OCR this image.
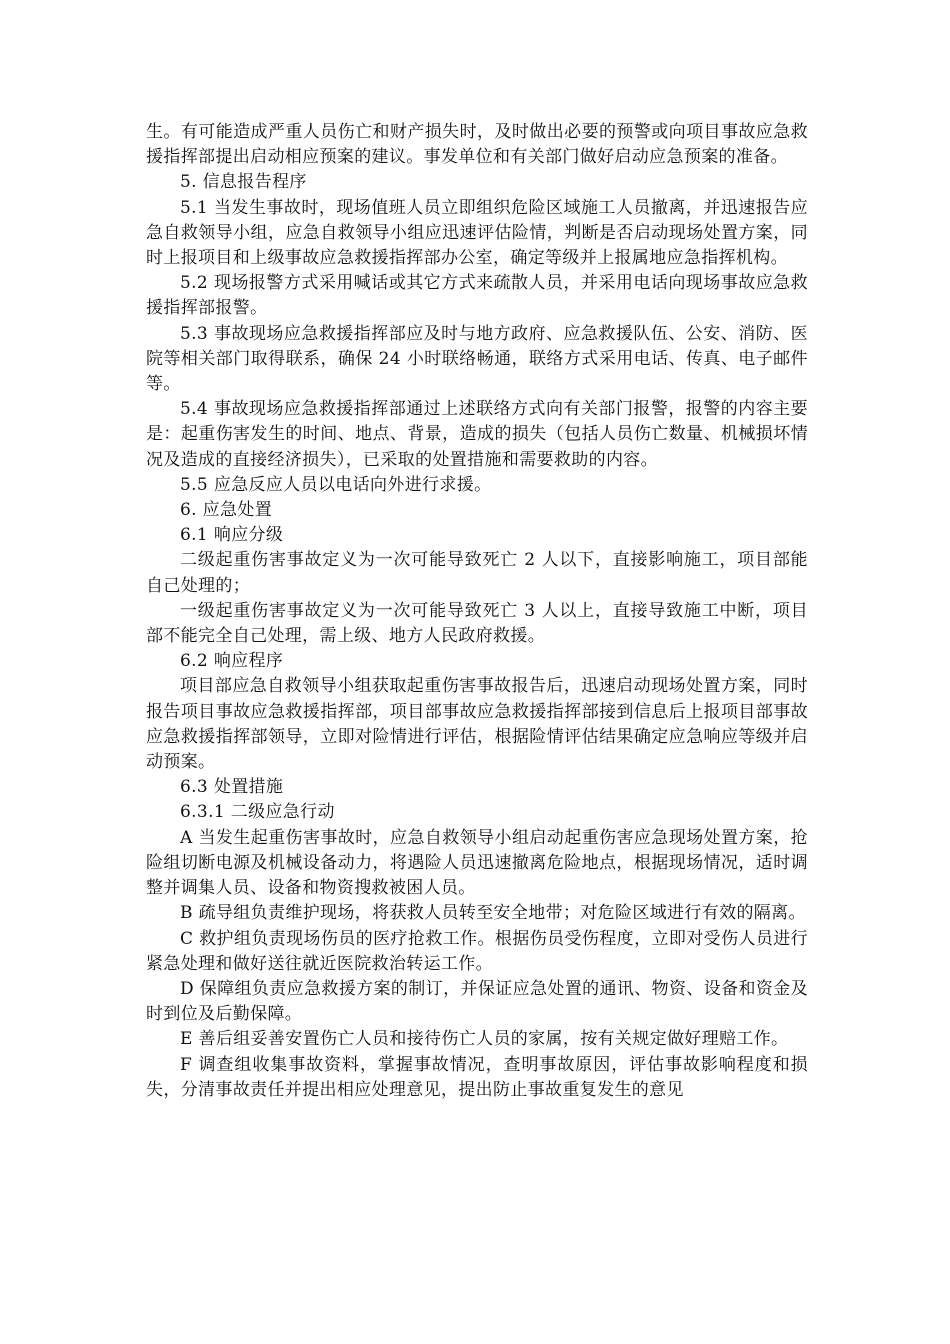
生。有可能造成严重人员伤亡和财产损失时，及时做出必要的预警或向项目事故应急救援指挥部提出启动相应预案的建议。事发单位和有关部门做好启动应急预案的准备。

5. 信息报告程序

5.1 当发生事故时，现场值班人员立即组织危险区域施工人员撤离，并迅速报告应急自救领导小组，应急自救领导小组应迅速评估险情，判断是否启动现场处置方案，同时上报项目和上级事故应急救援指挥部办公室，确定等级并上报属地应急指挥机构。

5.2 现场报警方式采用喊话或其它方式来疏散人员，并采用电话向现场事故应急救援指挥部报警。

5.3 事故现场应急救援指挥部应及时与地方政府、应急救援队伍、公安、消防、医院等相关部门取得联系，确保 24 小时联络畅通，联络方式采用电话、传真、电子邮件等。

5.4 事故现场应急救援指挥部通过上述联络方式向有关部门报警，报警的内容主要是：起重伤害发生的时间、地点、背景，造成的损失（包括人员伤亡数量、机械损坏情况及造成的直接经济损失），已采取的处置措施和需要救助的内容。

5.5 应急反应人员以电话向外进行求援。

6. 应急处置

6.1 响应分级

二级起重伤害事故定义为一次可能导致死亡 2 人以下，直接影响施工，项目部能自己处理的；

一级起重伤害事故定义为一次可能导致死亡 3 人以上，直接导致施工中断，项目部不能完全自己处理，需上级、地方人民政府救援。

6.2 响应程序

项目部应急自救领导小组获取起重伤害事故报告后，迅速启动现场处置方案，同时报告项目事故应急救援指挥部，项目部事故应急救援指挥部接到信息后上报项目部事故应急救援指挥部领导，立即对险情进行评估，根据险情评估结果确定应急响应等级并启动预案。

6.3 处置措施

6.3.1 二级应急行动

A 当发生起重伤害事故时，应急自救领导小组启动起重伤害应急现场处置方案，抢险组切断电源及机械设备动力，将遇险人员迅速撤离危险地点，根据现场情况，适时调整并调集人员、设备和物资搜救被困人员。

B 疏导组负责维护现场，将获救人员转至安全地带；对危险区域进行有效的隔离。

C 救护组负责现场伤员的医疗抢救工作。根据伤员受伤程度，立即对受伤人员进行紧急处理和做好送往就近医院救治转运工作。

D 保障组负责应急救援方案的制订，并保证应急处置的通讯、物资、设备和资金及时到位及后勤保障。

E 善后组妥善安置伤亡人员和接待伤亡人员的家属，按有关规定做好理赔工作。

F 调查组收集事故资料，掌握事故情况，查明事故原因，评估事故影响程度和损失，分清事故责任并提出相应处理意见，提出防止事故重复发生的意见
